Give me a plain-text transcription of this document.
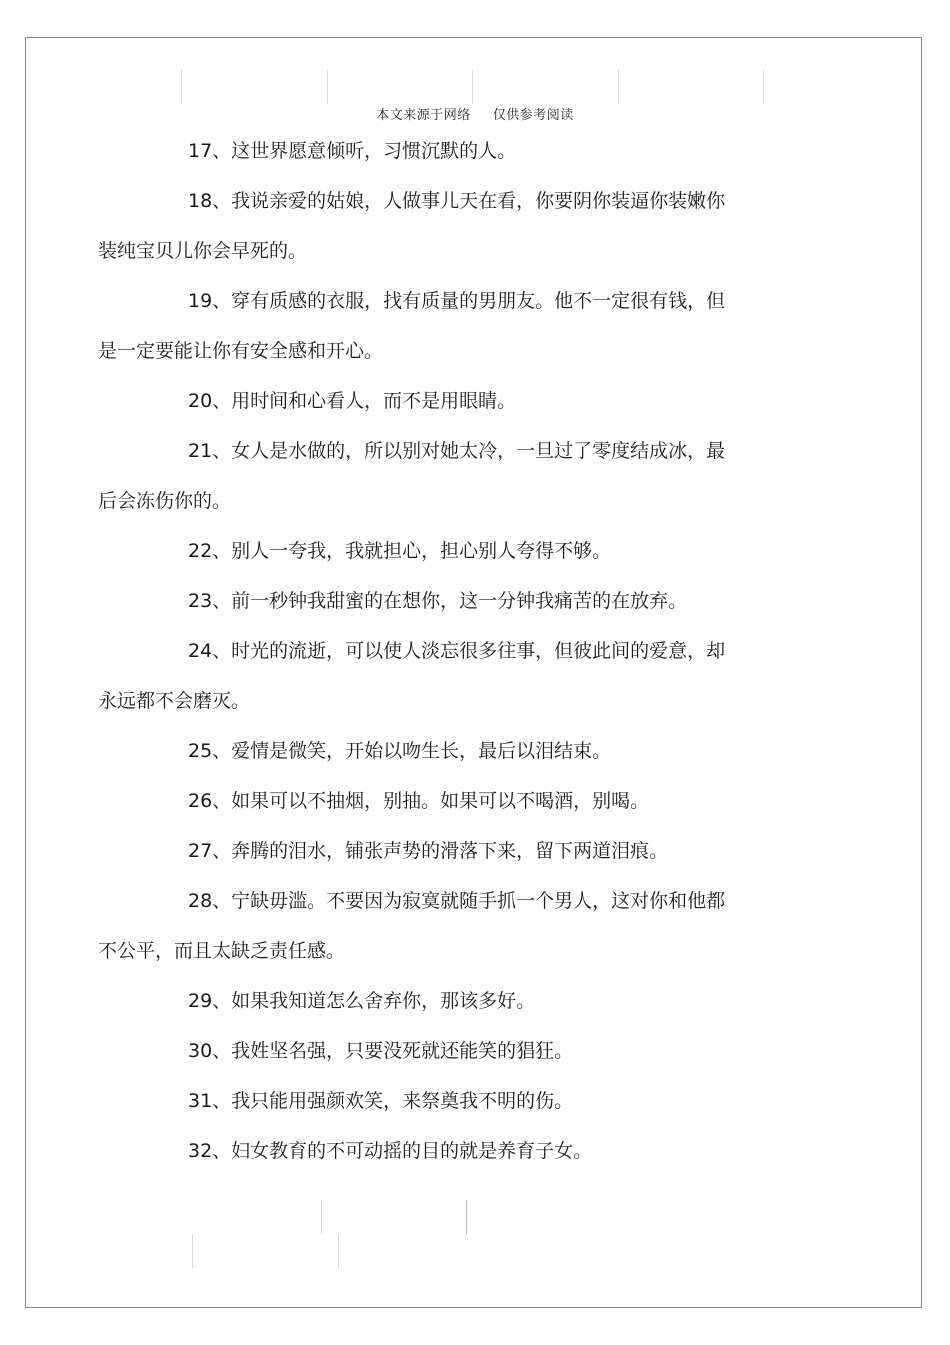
本文来源于网络 仅供参考阅读

17、这世界愿意倾听，习惯沉默的人。

18、我说亲爱的姑娘，人做事儿天在看，你要阴你装逼你装嫩你
装纯宝贝儿你会早死的。

19、穿有质感的衣服，找有质量的男朋友。他不一定很有钱，但
是一定要能让你有安全感和开心。

20、用时间和心看人，而不是用眼睛。

21、女人是水做的，所以别对她太冷，一旦过了零度结成冰，最
后会冻伤你的。

22、别人一夸我，我就担心，担心别人夸得不够。

23、前一秒钟我甜蜜的在想你，这一分钟我痛苦的在放弃。

24、时光的流逝，可以使人淡忘很多往事，但彼此间的爱意，却
永远都不会磨灭。

25、爱情是微笑，开始以吻生长，最后以泪结束。

26、如果可以不抽烟，别抽。如果可以不喝酒，别喝。

27、奔腾的泪水，铺张声势的滑落下来，留下两道泪痕。

28、宁缺毋滥。不要因为寂寞就随手抓一个男人，这对你和他都
不公平，而且太缺乏责任感。

29、如果我知道怎么舍弃你，那该多好。

30、我姓坚名强，只要没死就还能笑的猖狂。

31、我只能用强颜欢笑，来祭奠我不明的伤。

32、妇女教育的不可动摇的目的就是养育子女。
